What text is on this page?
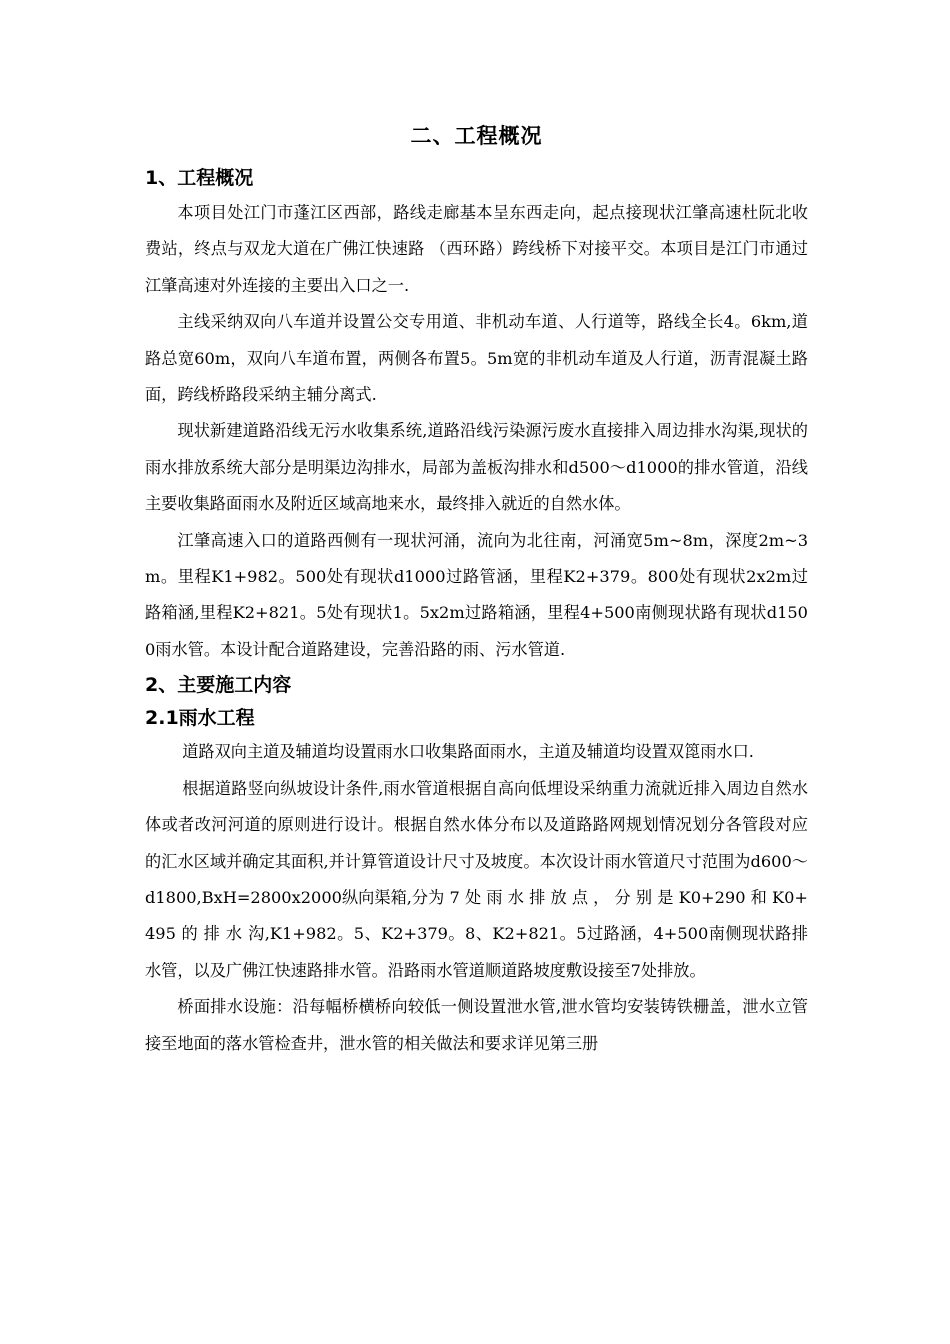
二、工程概况
1、工程概况

本项目处江门市蓬江区西部，路线走廊基本呈东西走向，起点接现状江肇高速杜阮北收费站，终点与双龙大道在广佛江快速路 （西环路）跨线桥下对接平交。本项目是江门市通过江肇高速对外连接的主要出入口之一.

主线采纳双向八车道并设置公交专用道、非机动车道、人行道等，路线全长4。6km,道路总宽60m，双向八车道布置，两侧各布置5。5m宽的非机动车道及人行道，沥青混凝土路面，跨线桥路段采纳主辅分离式.

现状新建道路沿线无污水收集系统,道路沿线污染源污废水直接排入周边排水沟渠,现状的雨水排放系统大部分是明渠边沟排水，局部为盖板沟排水和d500～d1000的排水管道，沿线主要收集路面雨水及附近区域高地来水，最终排入就近的自然水体。

江肇高速入口的道路西侧有一现状河涌，流向为北往南，河涌宽5m~8m，深度2m~3m。里程K1+982。500处有现状d1000过路管涵，里程K2+379。800处有现状2x2m过路箱涵,里程K2+821。5处有现状1。5x2m过路箱涵，里程4+500南侧现状路有现状d1500雨水管。本设计配合道路建设，完善沿路的雨、污水管道.

2、主要施工内容
2.1雨水工程

道路双向主道及辅道均设置雨水口收集路面雨水，主道及辅道均设置双箆雨水口.

根据道路竖向纵坡设计条件,雨水管道根据自高向低埋设采纳重力流就近排入周边自然水体或者改河河道的原则进行设计。根据自然水体分布以及道路路网规划情况划分各管段对应的汇水区域并确定其面积,并计算管道设计尺寸及坡度。本次设计雨水管道尺寸范围为d600～d1800,BxH=2800x2000纵向渠箱,分为 7 处 雨 水 排 放 点 ， 分 别 是 K0+290 和 K0+495 的 排 水 沟,K1+982。5、K2+379。8、K2+821。5过路涵，4+500南侧现状路排水管，以及广佛江快速路排水管。沿路雨水管道顺道路坡度敷设接至7处排放。

桥面排水设施：沿每幅桥横桥向较低一侧设置泄水管,泄水管均安装铸铁栅盖，泄水立管接至地面的落水管检查井，泄水管的相关做法和要求详见第三册
